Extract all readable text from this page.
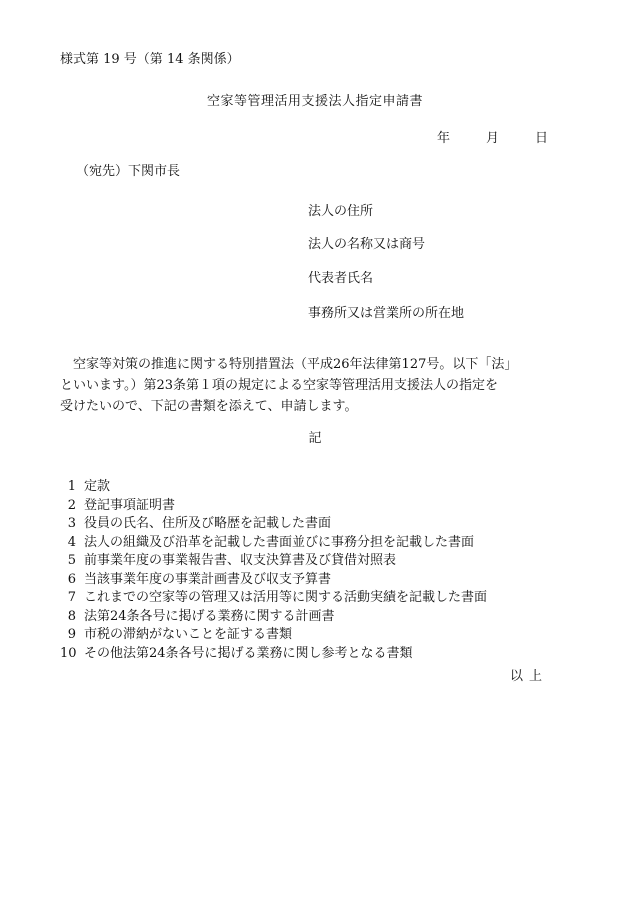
様式第 19 号（第 14 条関係）
空家等管理活用支援法人指定申請書
年	月	日
（宛先）下関市長
法人の住所
法人の名称又は商号
代表者氏名
事務所又は営業所の所在地
　空家等対策の推進に関する特別措置法（平成26年法律第127号。以下「法」
といいます。）第23条第１項の規定による空家等管理活用支援法人の指定を
受けたいので、下記の書類を添えて、申請します。
記
1 定款
2 登記事項証明書
3 役員の氏名、住所及び略歴を記載した書面
4 法人の組織及び沿革を記載した書面並びに事務分担を記載した書面
5 前事業年度の事業報告書、収支決算書及び貸借対照表
6 当該事業年度の事業計画書及び収支予算書
7 これまでの空家等の管理又は活用等に関する活動実績を記載した書面
8 法第24条各号に掲げる業務に関する計画書
9 市税の滞納がないことを証する書類
10 その他法第24条各号に掲げる業務に関し参考となる書類
以上
